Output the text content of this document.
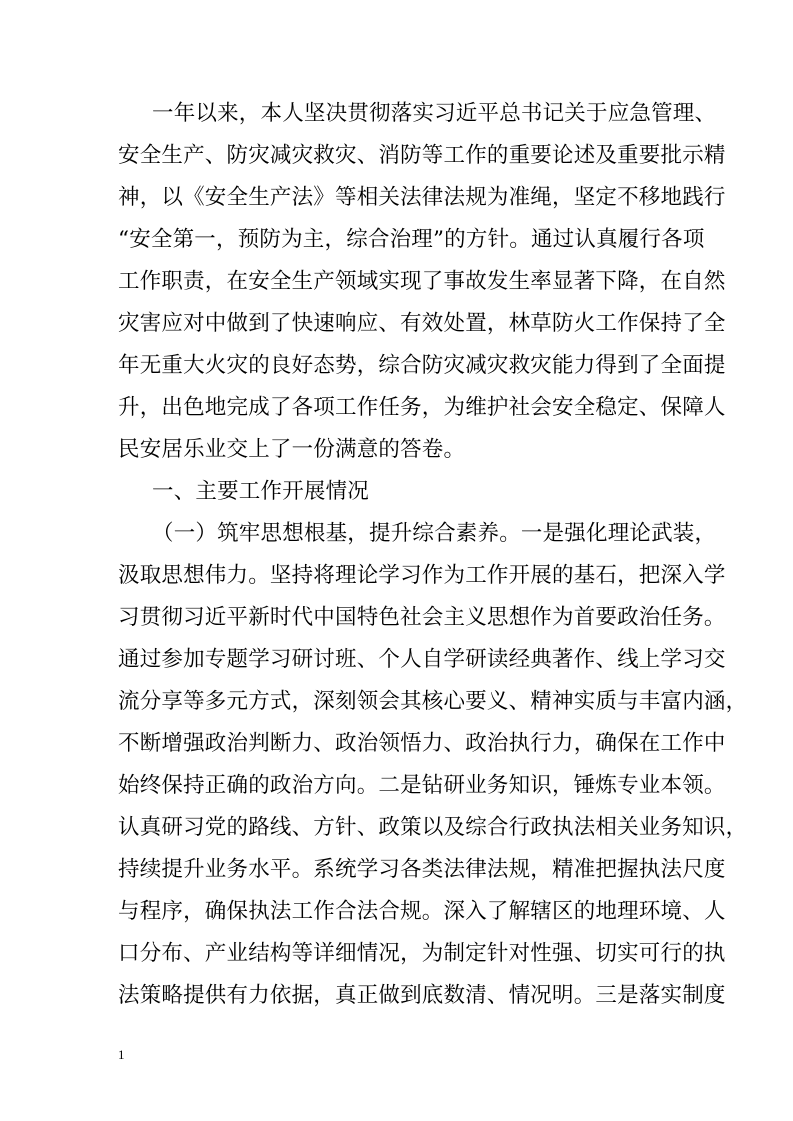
一年以来，本人坚决贯彻落实习近平总书记关于应急管理、
安全生产、防灾减灾救灾、消防等工作的重要论述及重要批示精
神，以《安全生产法》等相关法律法规为准绳，坚定不移地践行
“安全第一，预防为主，综合治理”的方针。通过认真履行各项
工作职责，在安全生产领域实现了事故发生率显著下降，在自然
灾害应对中做到了快速响应、有效处置，林草防火工作保持了全
年无重大火灾的良好态势，综合防灾减灾救灾能力得到了全面提
升，出色地完成了各项工作任务，为维护社会安全稳定、保障人
民安居乐业交上了一份满意的答卷。
一、主要工作开展情况
（一）筑牢思想根基，提升综合素养。一是强化理论武装，
汲取思想伟力。坚持将理论学习作为工作开展的基石，把深入学
习贯彻习近平新时代中国特色社会主义思想作为首要政治任务。
通过参加专题学习研讨班、个人自学研读经典著作、线上学习交
流分享等多元方式，深刻领会其核心要义、精神实质与丰富内涵，
不断增强政治判断力、政治领悟力、政治执行力，确保在工作中
始终保持正确的政治方向。二是钻研业务知识，锤炼专业本领。
认真研习党的路线、方针、政策以及综合行政执法相关业务知识，
持续提升业务水平。系统学习各类法律法规，精准把握执法尺度
与程序，确保执法工作合法合规。深入了解辖区的地理环境、人
口分布、产业结构等详细情况，为制定针对性强、切实可行的执
法策略提供有力依据，真正做到底数清、情况明。三是落实制度
1
